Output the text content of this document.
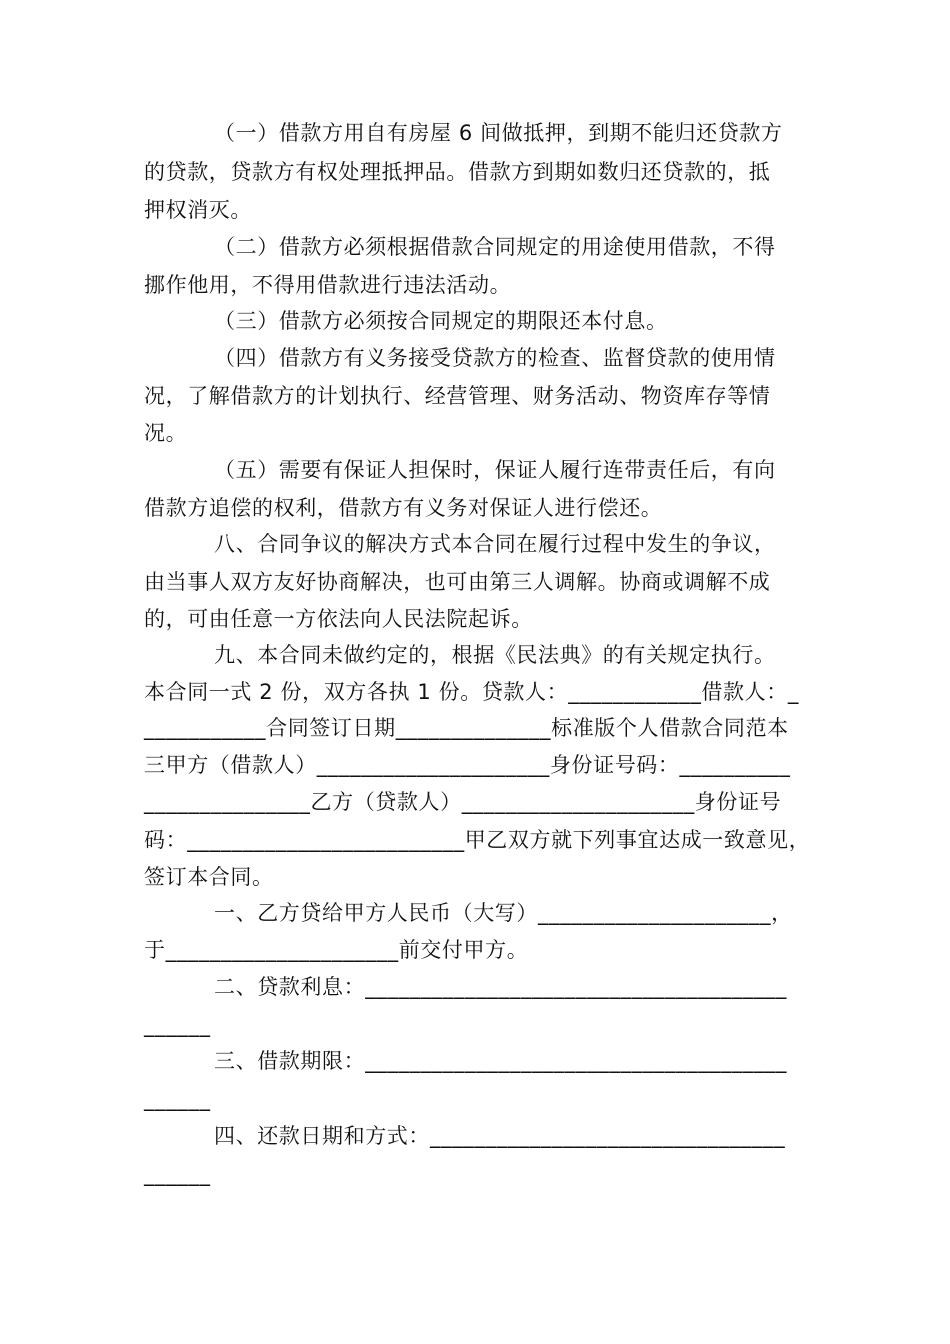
（一）借款方用自有房屋 6 间做抵押，到期不能归还贷款方
的贷款，贷款方有权处理抵押品。借款方到期如数归还贷款的，抵
押权消灭。
（二）借款方必须根据借款合同规定的用途使用借款，不得
挪作他用，不得用借款进行违法活动。
（三）借款方必须按合同规定的期限还本付息。
（四）借款方有义务接受贷款方的检查、监督贷款的使用情
况，了解借款方的计划执行、经营管理、财务活动、物资库存等情
况。
（五）需要有保证人担保时，保证人履行连带责任后，有向
借款方追偿的权利，借款方有义务对保证人进行偿还。
八、合同争议的解决方式本合同在履行过程中发生的争议，
由当事人双方友好协商解决，也可由第三人调解。协商或调解不成
的，可由任意一方依法向人民法院起诉。
九、本合同未做约定的，根据《民法典》的有关规定执行。
本合同一式 2 份，双方各执 1 份。贷款人：____________借款人：_
___________合同签订日期______________标准版个人借款合同范本
三甲方（借款人）_____________________身份证号码：__________
_______________乙方（贷款人）_____________________身份证号
码：_________________________甲乙双方就下列事宜达成一致意见，
签订本合同。
一、乙方贷给甲方人民币（大写）_____________________，
于_____________________前交付甲方。
二、贷款利息：______________________________________
______
三、借款期限：______________________________________
______
四、还款日期和方式：________________________________
______
